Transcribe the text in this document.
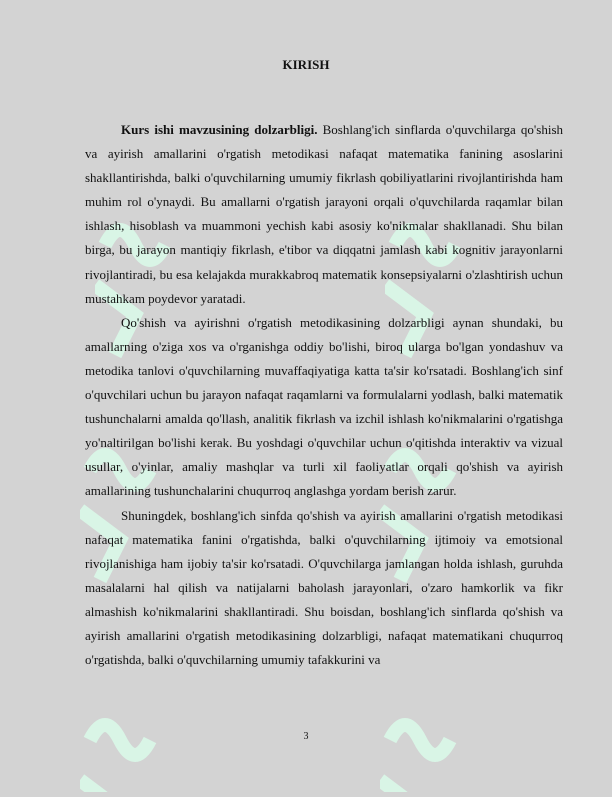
KIRISH

Kurs ishi mavzusining dolzarbligi. Boshlang'ich sinflarda o'quvchilarga qo'shish va ayirish amallarini o'rgatish metodikasi nafaqat matematika fanining asoslarini shakllantirishda, balki o'quvchilarning umumiy fikrlash qobiliyatlarini rivojlantirishda ham muhim rol o'ynaydi. Bu amallarni o'rgatish jarayoni orqali o'quvchilarda raqamlar bilan ishlash, hisoblash va muammoni yechish kabi asosiy ko'nikmalar shakllanadi. Shu bilan birga, bu jarayon mantiqiy fikrlash, e'tibor va diqqatni jamlash kabi kognitiv jarayonlarni rivojlantiradi, bu esa kelajakda murakkabroq matematik konsepsiyalarni o'zlashtirish uchun mustahkam poydevor yaratadi.

Qo'shish va ayirishni o'rgatish metodikasining dolzarbligi aynan shundaki, bu amallarning o'ziga xos va o'rganishga oddiy bo'lishi, biroq ularga bo'lgan yondashuv va metodika tanlovi o'quvchilarning muvaffaqiyatiga katta ta'sir ko'rsatadi. Boshlang'ich sinf o'quvchilari uchun bu jarayon nafaqat raqamlarni va formulalarni yodlash, balki matematik tushunchalarni amalda qo'llash, analitik fikrlash va izchil ishlash ko'nikmalarini o'rgatishga yo'naltirilgan bo'lishi kerak. Bu yoshdagi o'quvchilar uchun o'qitishda interaktiv va vizual usullar, o'yinlar, amaliy mashqlar va turli xil faoliyatlar orqali qo'shish va ayirish amallarining tushunchalarini chuqurroq anglashga yordam berish zarur.

Shuningdek, boshlang'ich sinfda qo'shish va ayirish amallarini o'rgatish metodikasi nafaqat matematika fanini o'rgatishda, balki o'quvchilarning ijtimoiy va emotsional rivojlanishiga ham ijobiy ta'sir ko'rsatadi. O'quvchilarga jamlangan holda ishlash, guruhda masalalarni hal qilish va natijalarni baholash jarayonlari, o'zaro hamkorlik va fikr almashish ko'nikmalarini shakllantiradi. Shu boisdan, boshlang'ich sinflarda qo'shish va ayirish amallarini o'rgatish metodikasining dolzarbligi, nafaqat matematikani chuqurroq o'rgatishda, balki o'quvchilarning umumiy tafakkurini va

3
